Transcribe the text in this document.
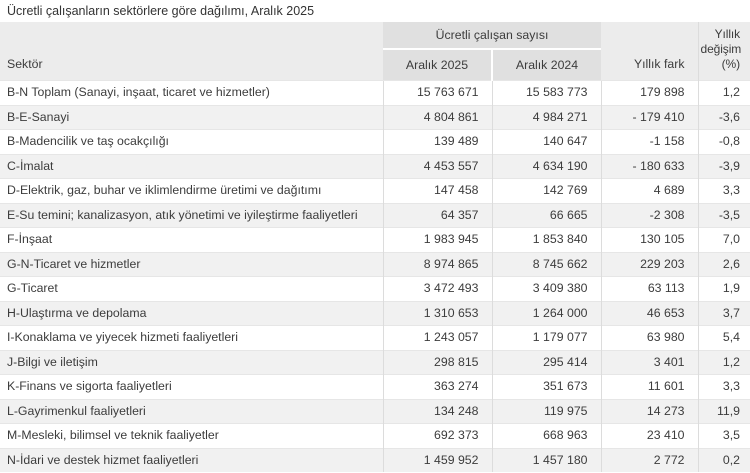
Ücretli çalışanların sektörlere göre dağılımı, Aralık 2025
Sektör	Ücretli çalışan sayısı		Yıllık fark	Yıllık değişim (%)
	Aralık 2025	Aralık 2024		
B-N Toplam (Sanayi, inşaat, ticaret ve hizmetler)	15 763 671	15 583 773	179 898	1,2
B-E-Sanayi	4 804 861	4 984 271	- 179 410	-3,6
B-Madencilik ve taş ocakçılığı	139 489	140 647	-1 158	-0,8
C-İmalat	4 453 557	4 634 190	- 180 633	-3,9
D-Elektrik, gaz, buhar ve iklimlendirme üretimi ve dağıtımı	147 458	142 769	4 689	3,3
E-Su temini; kanalizasyon, atık yönetimi ve iyileştirme faaliyetleri	64 357	66 665	-2 308	-3,5
F-İnşaat	1 983 945	1 853 840	130 105	7,0
G-N-Ticaret ve hizmetler	8 974 865	8 745 662	229 203	2,6
G-Ticaret	3 472 493	3 409 380	63 113	1,9
H-Ulaştırma ve depolama	1 310 653	1 264 000	46 653	3,7
I-Konaklama ve yiyecek hizmeti faaliyetleri	1 243 057	1 179 077	63 980	5,4
J-Bilgi ve iletişim	298 815	295 414	3 401	1,2
K-Finans ve sigorta faaliyetleri	363 274	351 673	11 601	3,3
L-Gayrimenkul faaliyetleri	134 248	119 975	14 273	11,9
M-Mesleki, bilimsel ve teknik faaliyetler	692 373	668 963	23 410	3,5
N-İdari ve destek hizmet faaliyetleri	1 459 952	1 457 180	2 772	0,2
